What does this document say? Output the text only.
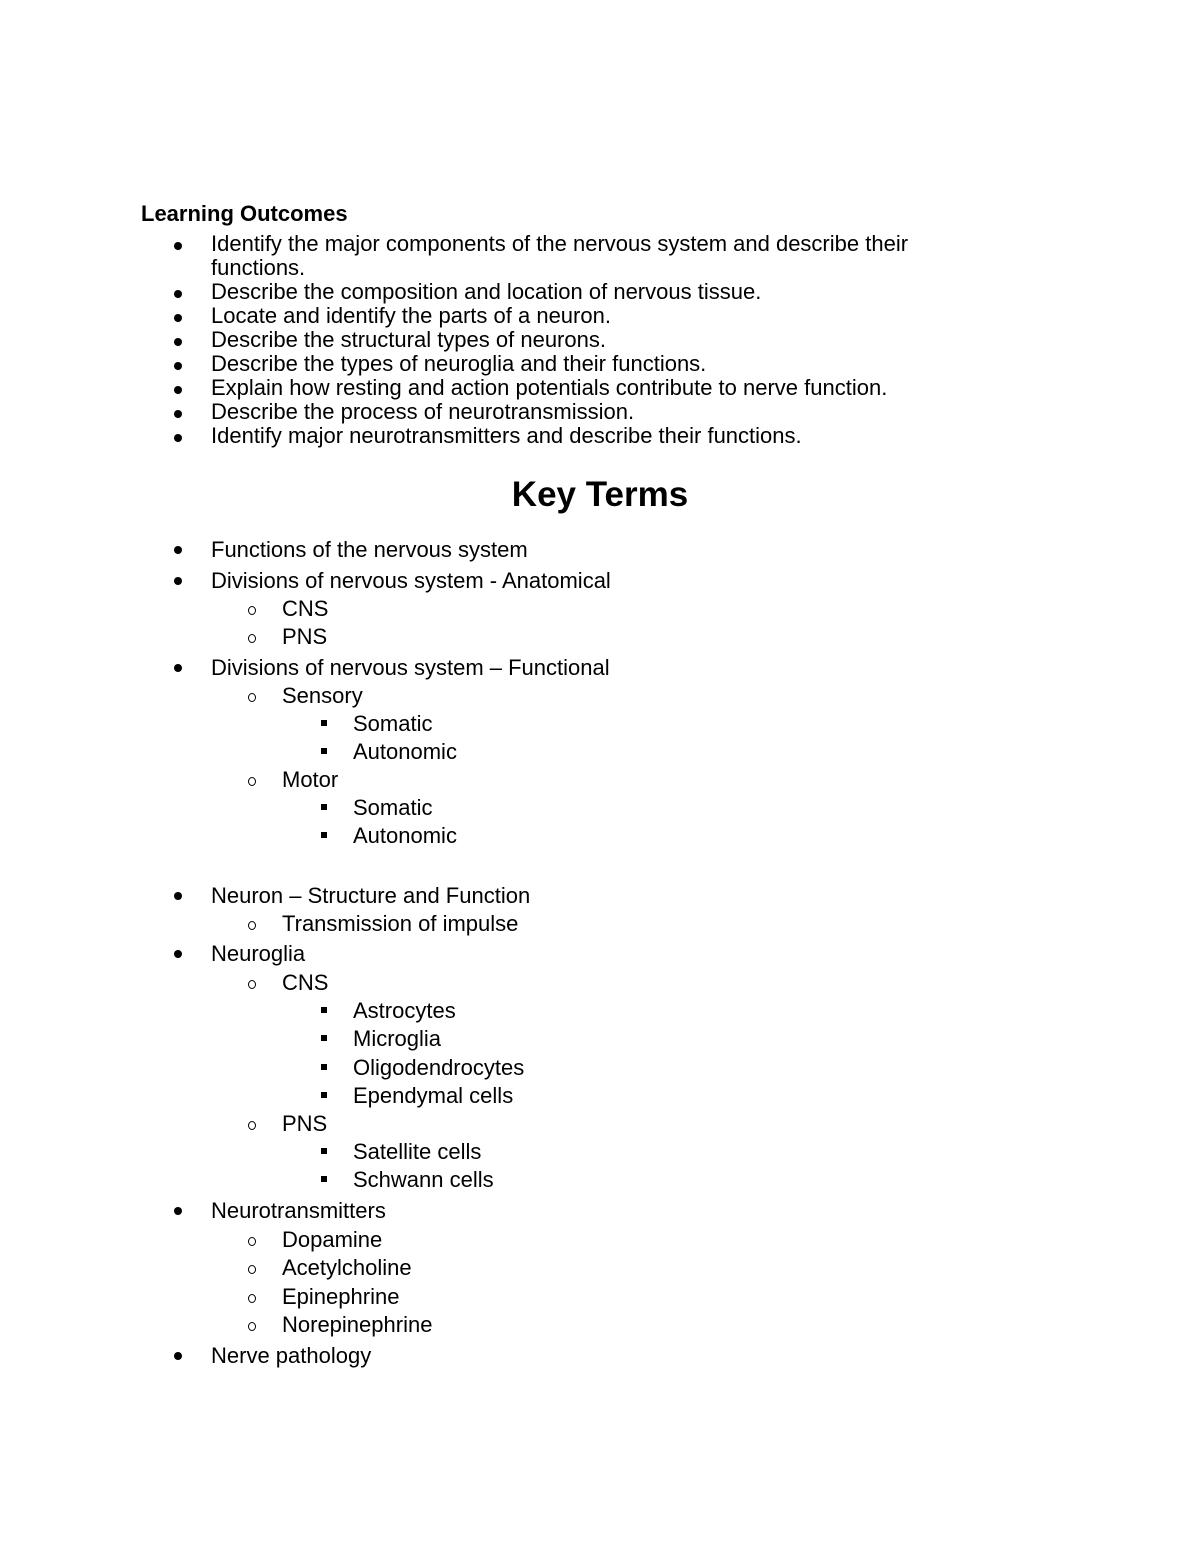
Learning Outcomes
Identify the major components of the nervous system and describe their functions.
Describe the composition and location of nervous tissue.
Locate and identify the parts of a neuron.
Describe the structural types of neurons.
Describe the types of neuroglia and their functions.
Explain how resting and action potentials contribute to nerve function.
Describe the process of neurotransmission.
Identify major neurotransmitters and describe their functions.
Key Terms
Functions of the nervous system
Divisions of nervous system - Anatomical
CNS
PNS
Divisions of nervous system – Functional
Sensory
Somatic
Autonomic
Motor
Somatic
Autonomic
Neuron – Structure and Function
Transmission of impulse
Neuroglia
CNS
Astrocytes
Microglia
Oligodendrocytes
Ependymal cells
PNS
Satellite cells
Schwann cells
Neurotransmitters
Dopamine
Acetylcholine
Epinephrine
Norepinephrine
Nerve pathology
